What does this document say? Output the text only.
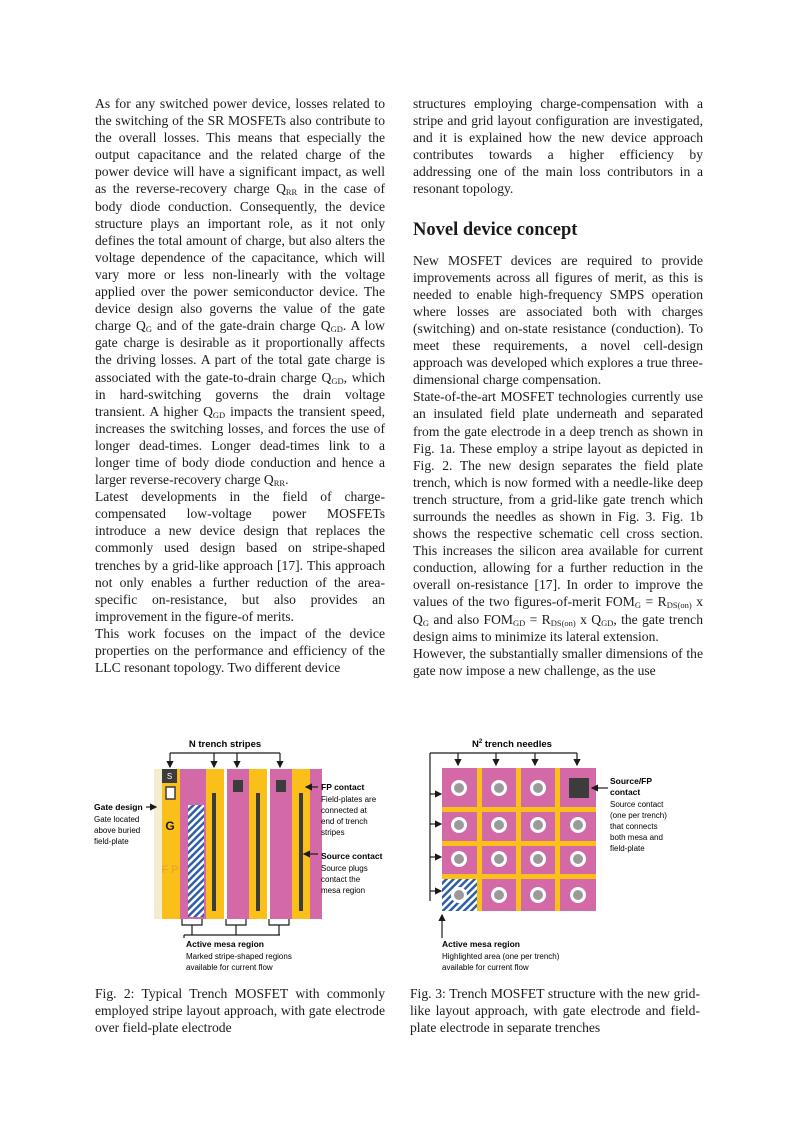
As for any switched power device, losses related to the switching of the SR MOSFETs also contribute to the overall losses. This means that especially the output capacitance and the related charge of the power device will have a significant impact, as well as the reverse-recovery charge $Q_{RR}$ in the case of body diode conduction. Consequently, the device structure plays an important role, as it not only defines the total amount of charge, but also alters the voltage dependence of the capacitance, which will vary more or less non-linearly with the voltage applied over the power semiconductor device. The device design also governs the value of the gate charge $Q_G$ and of the gate-drain charge $Q_{GD}$. A low gate charge is desirable as it proportionally affects the driving losses. A part of the total gate charge is associated with the gate-to-drain charge $Q_{GD}$, which in hard-switching governs the drain voltage transient. A higher $Q_{GD}$ impacts the transient speed, increases the switching losses, and forces the use of longer dead-times. Longer dead-times link to a longer time of body diode conduction and hence a larger reverse-recovery charge $Q_{RR}$.

Latest developments in the field of charge-compensated low-voltage power MOSFETs introduce a new device design that replaces the commonly used design based on stripe-shaped trenches by a grid-like approach [17]. This approach not only enables a further reduction of the area-specific on-resistance, but also provides an improvement in the figure-of merits.

This work focuses on the impact of the device properties on the performance and efficiency of the LLC resonant topology. Two different device

structures employing charge-compensation with a stripe and grid layout configuration are investigated, and it is explained how the new device approach contributes towards a higher efficiency by addressing one of the main loss contributors in a resonant topology.

Novel device concept

New MOSFET devices are required to provide improvements across all figures of merit, as this is needed to enable high-frequency SMPS operation where losses are associated both with charges (switching) and on-state resistance (conduction). To meet these requirements, a novel cell-design approach was developed which explores a true three-dimensional charge compensation.

State-of-the-art MOSFET technologies currently use an insulated field plate underneath and separated from the gate electrode in a deep trench as shown in Fig. 1a. These employ a stripe layout as depicted in Fig. 2. The new design separates the field plate trench, which is now formed with a needle-like deep trench structure, from a grid-like gate trench which surrounds the needles as shown in Fig. 3. Fig. 1b shows the respective schematic cell cross section. This increases the silicon area available for current conduction, allowing for a further reduction in the overall on-resistance [17]. In order to improve the values of the two figures-of-merit $FOM_G = R_{DS(on)}$ x $Q_G$ and also $FOM_{GD} = R_{DS(on)}$ x $Q_{GD}$, the gate trench design aims to minimize its lateral extension.

However, the substantially smaller dimensions of the gate now impose a new challenge, as the use

N trench stripes
S
G
F P
Gate design
Gate located
above buried
field-plate
FP contact
Field-plates are
connected at
end of trench
stripes
Source contact
Source plugs
contact the
mesa region
Active mesa region
Marked stripe-shaped regions
available for current flow
$N^2$ trench needles
Source/FP
contact
Source contact
(one per trench)
that connects
both mesa and
field-plate
Active mesa region
Highlighted area (one per trench)
available for current flow
Fig. 2: Typical Trench MOSFET with commonly employed stripe layout approach, with gate electrode over field-plate electrode
Fig. 3: Trench MOSFET structure with the new grid-like layout approach, with gate electrode and field-plate electrode in separate trenches
